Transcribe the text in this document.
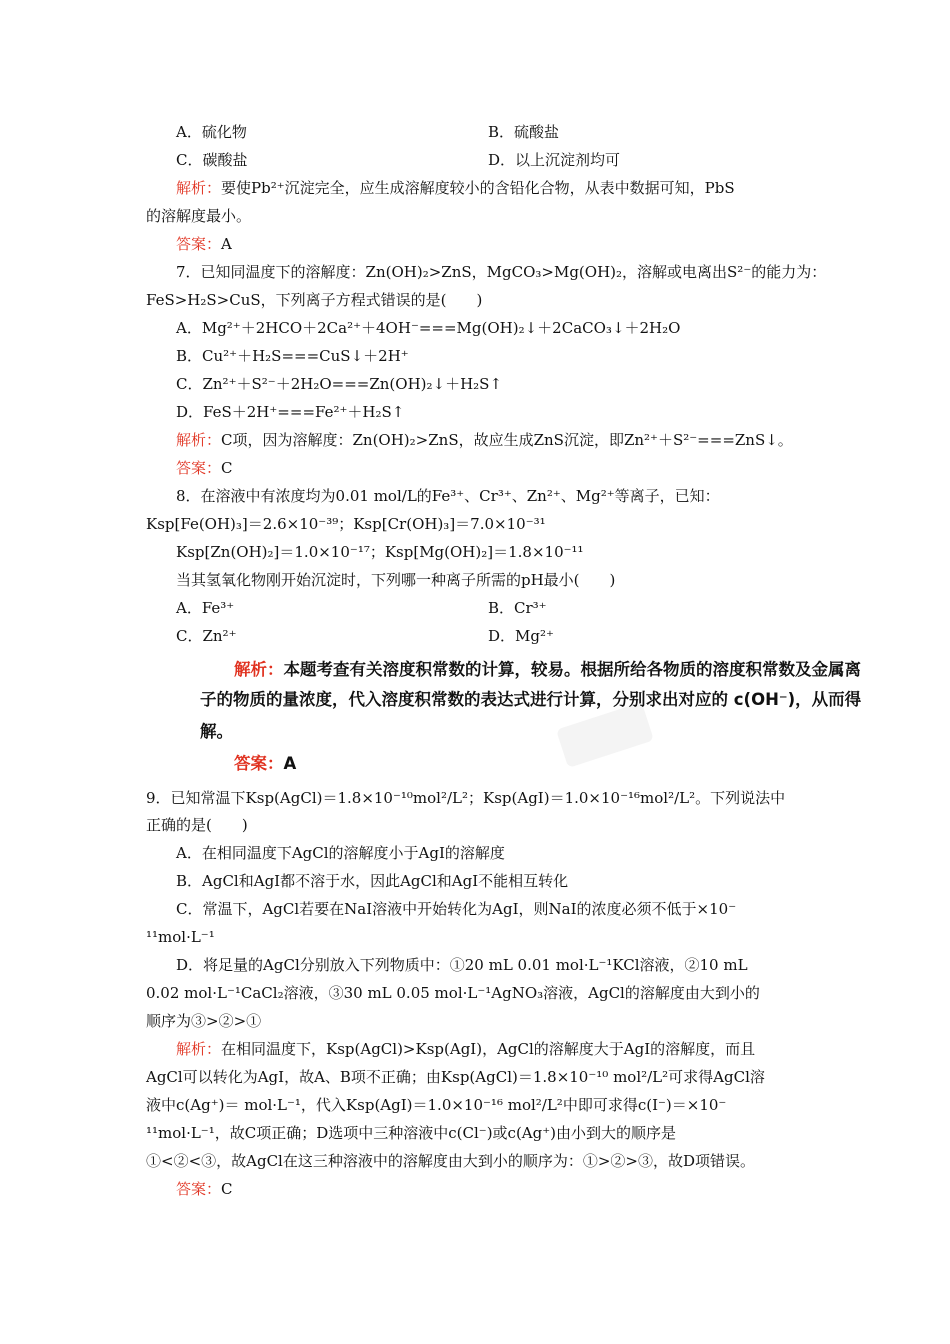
A．硫化物	B．硫酸盐
C．碳酸盐	D．以上沉淀剂均可
解析：要使Pb²⁺沉淀完全，应生成溶解度较小的含铅化合物，从表中数据可知，PbS
的溶解度最小。
答案：A
7．已知同温度下的溶解度：Zn(OH)₂>ZnS，MgCO₃>Mg(OH)₂，溶解或电离出S²⁻的能力为：
FeS>H₂S>CuS，下列离子方程式错误的是(　　)
A．Mg²⁺＋2HCO＋2Ca²⁺＋4OH⁻===Mg(OH)₂↓＋2CaCO₃↓＋2H₂O
B．Cu²⁺＋H₂S===CuS↓＋2H⁺
C．Zn²⁺＋S²⁻＋2H₂O===Zn(OH)₂↓＋H₂S↑
D．FeS＋2H⁺===Fe²⁺＋H₂S↑
解析：C项，因为溶解度：Zn(OH)₂>ZnS，故应生成ZnS沉淀，即Zn²⁺＋S²⁻===ZnS↓。
答案：C
8．在溶液中有浓度均为0.01 mol/L的Fe³⁺、Cr³⁺、Zn²⁺、Mg²⁺等离子，已知：
Ksp[Fe(OH)₃]＝2.6×10⁻³⁹；Ksp[Cr(OH)₃]＝7.0×10⁻³¹
Ksp[Zn(OH)₂]＝1.0×10⁻¹⁷；Ksp[Mg(OH)₂]＝1.8×10⁻¹¹
当其氢氧化物刚开始沉淀时，下列哪一种离子所需的pH最小(　　)
A．Fe³⁺	B．Cr³⁺
C．Zn²⁺	D．Mg²⁺
解析：本题考查有关溶度积常数的计算，较易。根据所给各物质的溶度积常数及金属离
子的物质的量浓度，代入溶度积常数的表达式进行计算，分别求出对应的 c(OH⁻)，从而得
解。
答案：A
9．已知常温下Ksp(AgCl)＝1.8×10⁻¹⁰mol²/L²；Ksp(AgI)＝1.0×10⁻¹⁶mol²/L²。下列说法中
正确的是(　　)
A．在相同温度下AgCl的溶解度小于AgI的溶解度
B．AgCl和AgI都不溶于水，因此AgCl和AgI不能相互转化
C．常温下，AgCl若要在NaI溶液中开始转化为AgI，则NaI的浓度必须不低于×10⁻
¹¹mol·L⁻¹
D．将足量的AgCl分别放入下列物质中：①20 mL 0.01 mol·L⁻¹KCl溶液，②10 mL
0.02 mol·L⁻¹CaCl₂溶液，③30 mL 0.05 mol·L⁻¹AgNO₃溶液，AgCl的溶解度由大到小的
顺序为③>②>①
解析：在相同温度下，Ksp(AgCl)>Ksp(AgI)，AgCl的溶解度大于AgI的溶解度，而且
AgCl可以转化为AgI，故A、B项不正确；由Ksp(AgCl)＝1.8×10⁻¹⁰ mol²/L²可求得AgCl溶
液中c(Ag⁺)＝ mol·L⁻¹，代入Ksp(AgI)＝1.0×10⁻¹⁶ mol²/L²中即可求得c(I⁻)＝×10⁻
¹¹mol·L⁻¹，故C项正确；D选项中三种溶液中c(Cl⁻)或c(Ag⁺)由小到大的顺序是
①<②<③，故AgCl在这三种溶液中的溶解度由大到小的顺序为：①>②>③，故D项错误。
答案：C
